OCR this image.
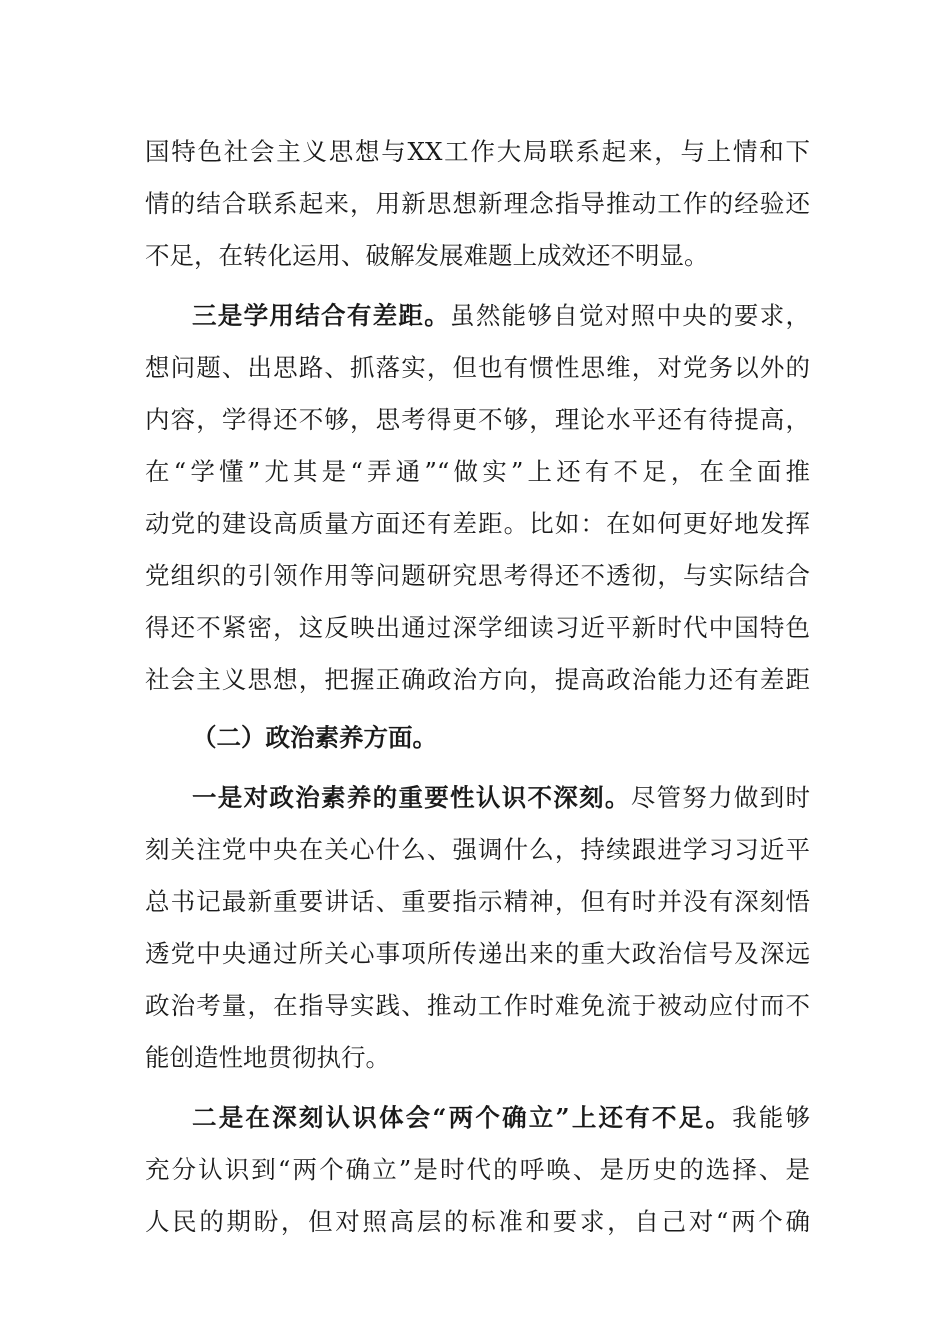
国特色社会主义思想与XX工作大局联系起来，与上情和下
情的结合联系起来，用新思想新理念指导推动工作的经验还
不足，在转化运用、破解发展难题上成效还不明显。
三是学用结合有差距。虽然能够自觉对照中央的要求，
想问题、出思路、抓落实，但也有惯性思维，对党务以外的
内容，学得还不够，思考得更不够，理论水平还有待提高，
在“学懂”尤其是“弄通”“做实”上还有不足，在全面推
动党的建设高质量方面还有差距。比如：在如何更好地发挥
党组织的引领作用等问题研究思考得还不透彻，与实际结合
得还不紧密，这反映出通过深学细读习近平新时代中国特色
社会主义思想，把握正确政治方向，提高政治能力还有差距
（二）政治素养方面。
一是对政治素养的重要性认识不深刻。尽管努力做到时
刻关注党中央在关心什么、强调什么，持续跟进学习习近平
总书记最新重要讲话、重要指示精神，但有时并没有深刻悟
透党中央通过所关心事项所传递出来的重大政治信号及深远
政治考量，在指导实践、推动工作时难免流于被动应付而不
能创造性地贯彻执行。
二是在深刻认识体会“两个确立”上还有不足。我能够
充分认识到“两个确立”是时代的呼唤、是历史的选择、是
人民的期盼，但对照高层的标准和要求，自己对“两个确
